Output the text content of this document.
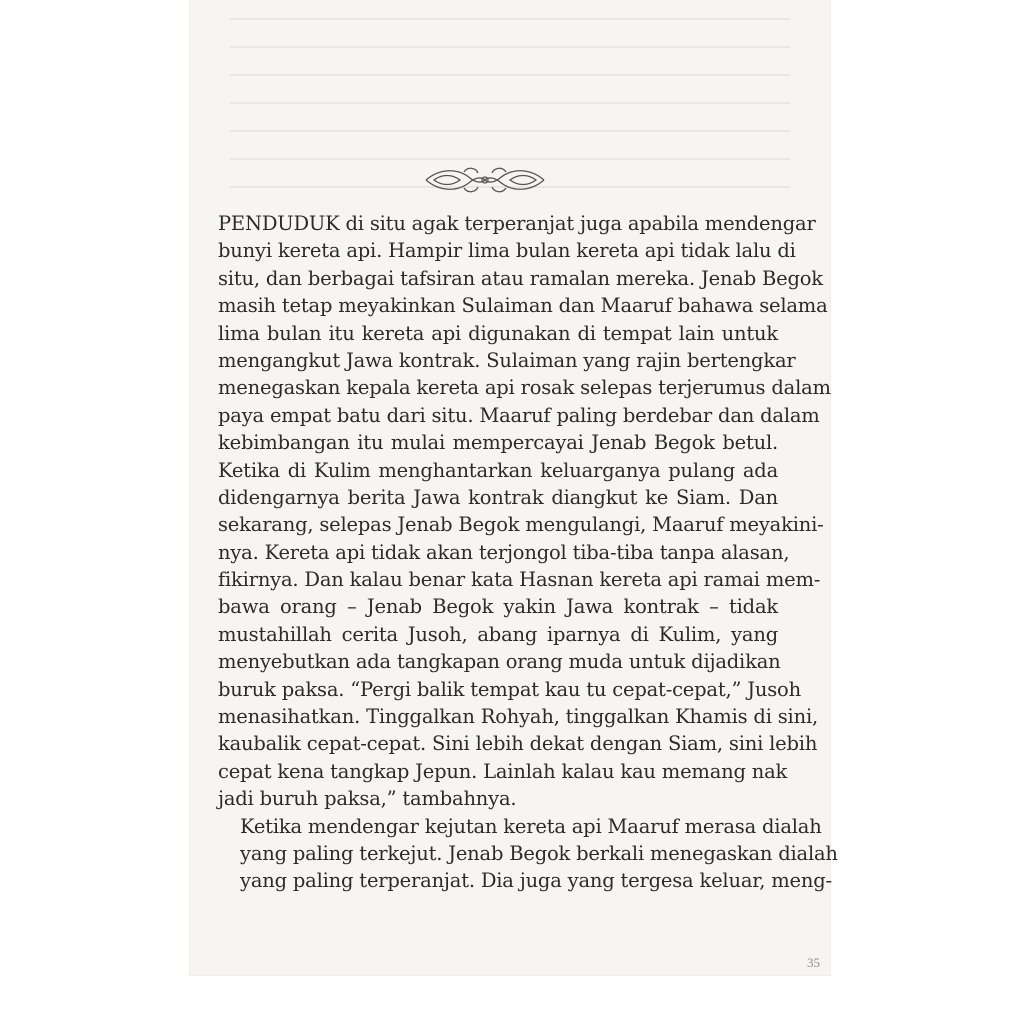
PENDUDUK di situ agak terperanjat juga apabila mendengar
bunyi kereta api. Hampir lima bulan kereta api tidak lalu di
situ, dan berbagai tafsiran atau ramalan mereka. Jenab Begok
masih tetap meyakinkan Sulaiman dan Maaruf bahawa selama
lima bulan itu kereta api digunakan di tempat lain untuk
mengangkut Jawa kontrak. Sulaiman yang rajin bertengkar
menegaskan kepala kereta api rosak selepas terjerumus dalam
paya empat batu dari situ. Maaruf paling berdebar dan dalam
kebimbangan itu mulai mempercayai Jenab Begok betul.
Ketika di Kulim menghantarkan keluarganya pulang ada
didengarnya berita Jawa kontrak diangkut ke Siam. Dan
sekarang, selepas Jenab Begok mengulangi, Maaruf meyakini-
nya. Kereta api tidak akan terjongol tiba-tiba tanpa alasan,
fikirnya. Dan kalau benar kata Hasnan kereta api ramai mem-
bawa orang – Jenab Begok yakin Jawa kontrak – tidak
mustahillah cerita Jusoh, abang iparnya di Kulim, yang
menyebutkan ada tangkapan orang muda untuk dijadikan
buruk paksa. “Pergi balik tempat kau tu cepat-cepat,” Jusoh
menasihatkan. Tinggalkan Rohyah, tinggalkan Khamis di sini,
kaubalik cepat-cepat. Sini lebih dekat dengan Siam, sini lebih
cepat kena tangkap Jepun. Lainlah kalau kau memang nak
jadi buruh paksa,” tambahnya.

Ketika mendengar kejutan kereta api Maaruf merasa dialah
yang paling terkejut. Jenab Begok berkali menegaskan dialah
yang paling terperanjat. Dia juga yang tergesa keluar, meng-

35
